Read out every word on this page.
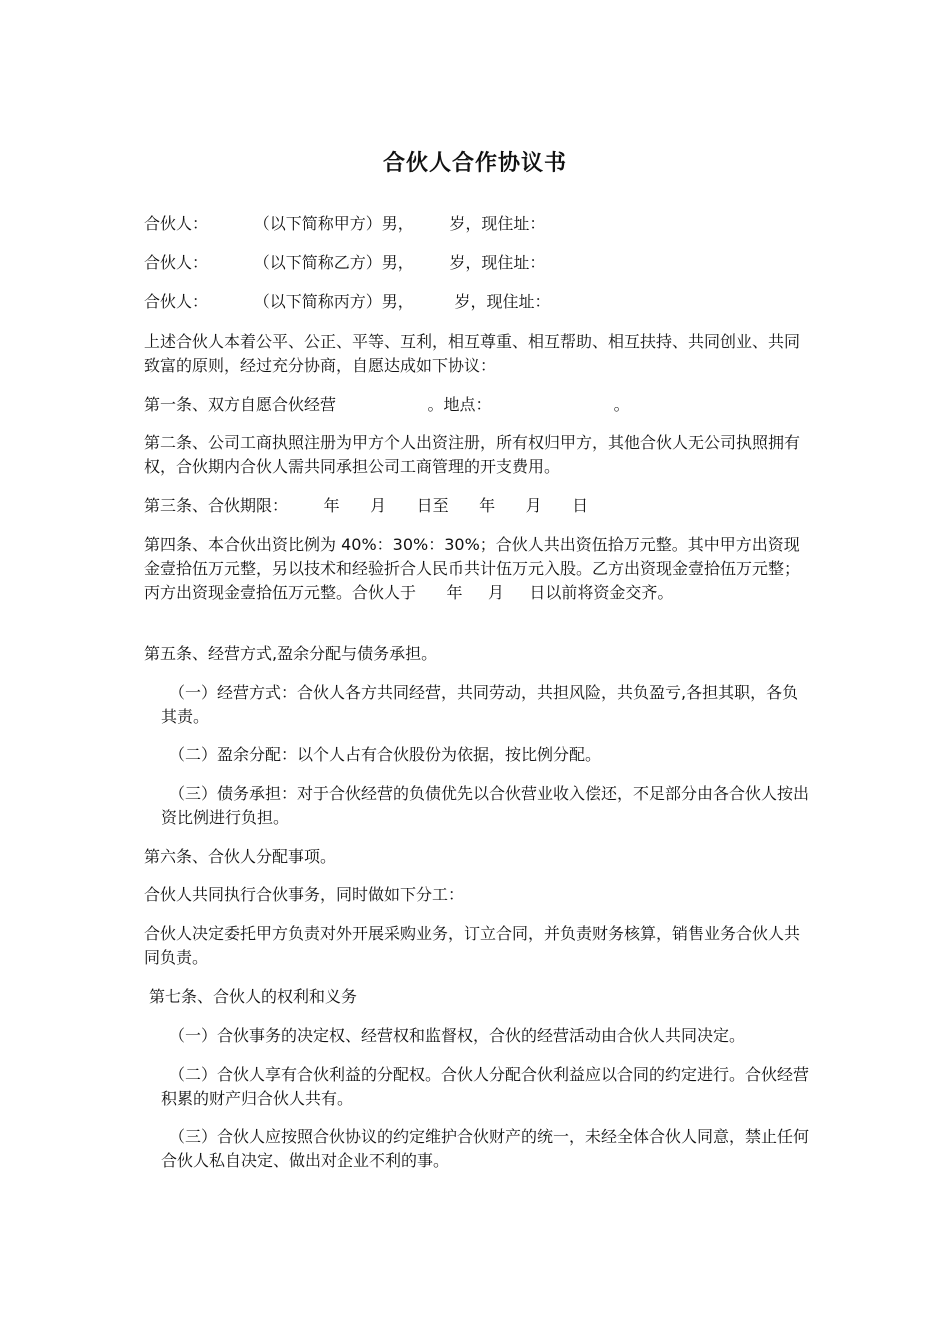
合伙人合作协议书

合伙人：         （以下简称甲方）男，       岁，现住址：

合伙人：         （以下简称乙方）男，       岁，现住址：

合伙人：         （以下简称丙方）男，        岁，现住址：

上述合伙人本着公平、公正、平等、互利，相互尊重、相互帮助、相互扶持、共同创业、共同致富的原则，经过充分协商，自愿达成如下协议：

第一条、双方自愿合伙经营                  。地点：                        。

第二条、公司工商执照注册为甲方个人出资注册，所有权归甲方，其他合伙人无公司执照拥有权，合伙期内合伙人需共同承担公司工商管理的开支费用。

第三条、合伙期限：       年      月      日至      年      月      日

第四条、本合伙出资比例为 40%：30%：30%；合伙人共出资伍拾万元整。其中甲方出资现金壹拾伍万元整，另以技术和经验折合人民币共计伍万元入股。乙方出资现金壹拾伍万元整；丙方出资现金壹拾伍万元整。合伙人于      年     月     日以前将资金交齐。

第五条、经营方式,盈余分配与债务承担。

（一）经营方式：合伙人各方共同经营，共同劳动，共担风险，共负盈亏,各担其职，各负其责。

（二）盈余分配：以个人占有合伙股份为依据，按比例分配。

（三）债务承担：对于合伙经营的负债优先以合伙营业收入偿还，不足部分由各合伙人按出资比例进行负担。

第六条、合伙人分配事项。

合伙人共同执行合伙事务，同时做如下分工：

合伙人决定委托甲方负责对外开展采购业务，订立合同，并负责财务核算，销售业务合伙人共同负责。

第七条、合伙人的权利和义务

（一）合伙事务的决定权、经营权和监督权，合伙的经营活动由合伙人共同决定。

（二）合伙人享有合伙利益的分配权。合伙人分配合伙利益应以合同的约定进行。合伙经营积累的财产归合伙人共有。

（三）合伙人应按照合伙协议的约定维护合伙财产的统一，未经全体合伙人同意，禁止任何合伙人私自决定、做出对企业不利的事。
